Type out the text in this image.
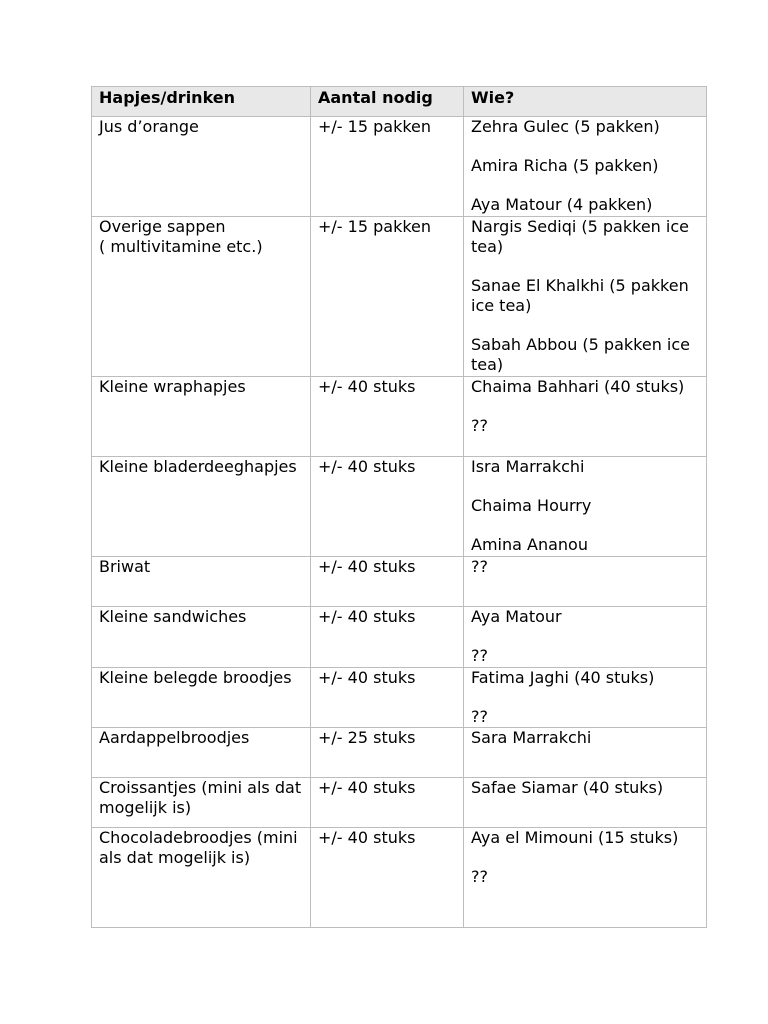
Hapjes/drinken	Aantal nodig	Wie?

Jus d’orange	+/- 15 pakken	Zehra Gulec (5 pakken)
Amira Richa (5 pakken)
Aya Matour (4 pakken)

Overige sappen
( multivitamine etc.)	+/- 15 pakken	Nargis Sediqi (5 pakken ice tea)
Sanae El Khalkhi (5 pakken ice tea)
Sabah Abbou (5 pakken ice tea)

Kleine wraphapjes	+/- 40 stuks	Chaima Bahhari (40 stuks)
??

Kleine bladerdeeghapjes	+/- 40 stuks	Isra Marrakchi
Chaima Hourry
Amina Ananou

Briwat	+/- 40 stuks	??

Kleine sandwiches	+/- 40 stuks	Aya Matour
??

Kleine belegde broodjes	+/- 40 stuks	Fatima Jaghi (40 stuks)
??

Aardappelbroodjes	+/- 25 stuks	Sara Marrakchi

Croissantjes (mini als dat mogelijk is)	+/- 40 stuks	Safae Siamar (40 stuks)

Chocoladebroodjes (mini als dat mogelijk is)	+/- 40 stuks	Aya el Mimouni (15 stuks)
??
